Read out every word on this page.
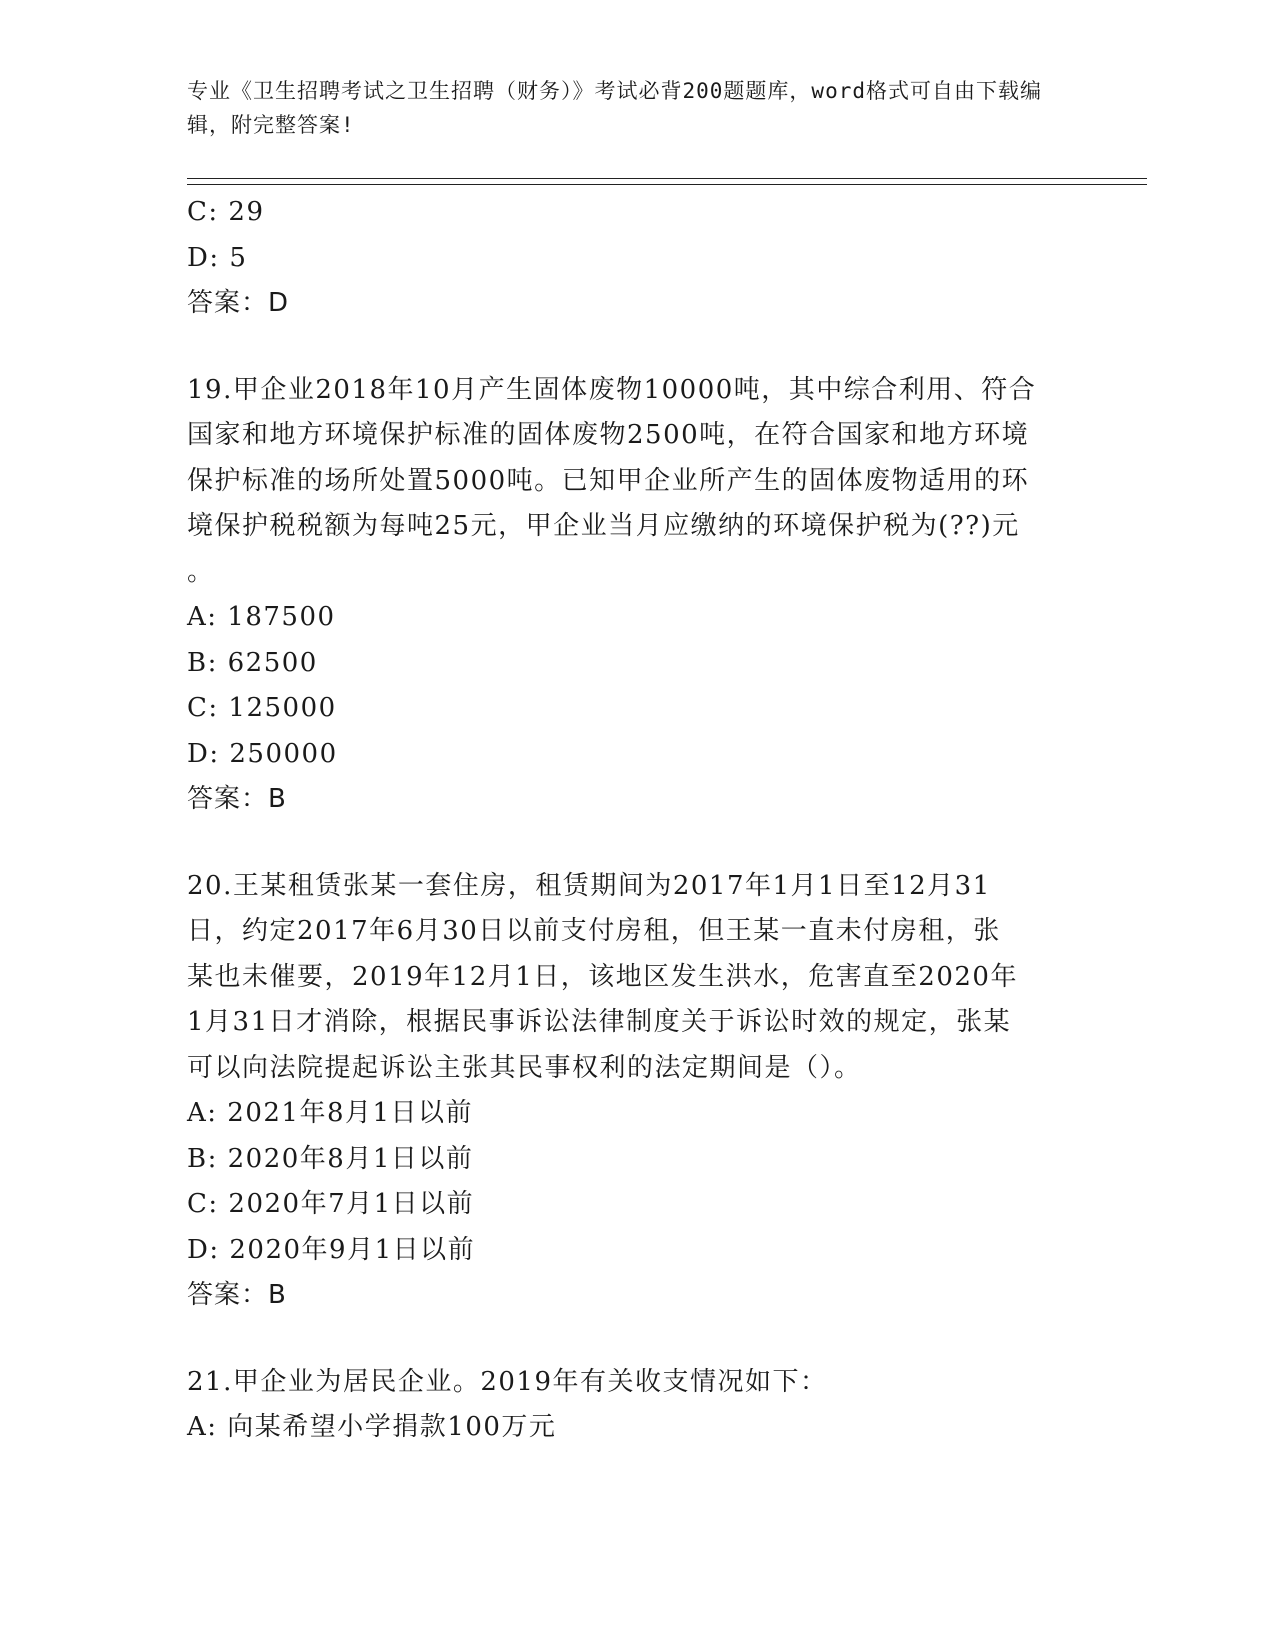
专业《卫生招聘考试之卫生招聘（财务）》考试必背200题题库，word格式可自由下载编辑，附完整答案!
C: 29
D: 5
答案：D
19.甲企业2018年10月产生固体废物10000吨，其中综合利用、符合
国家和地方环境保护标准的固体废物2500吨，在符合国家和地方环境
保护标准的场所处置5000吨。已知甲企业所产生的固体废物适用的环
境保护税税额为每吨25元，甲企业当月应缴纳的环境保护税为(??)元
。
A: 187500
B: 62500
C: 125000
D: 250000
答案：B
20.王某租赁张某一套住房，租赁期间为2017年1月1日至12月31
日，约定2017年6月30日以前支付房租，但王某一直未付房租，张
某也未催要，2019年12月1日，该地区发生洪水，危害直至2020年
1月31日才消除，根据民事诉讼法律制度关于诉讼时效的规定，张某
可以向法院提起诉讼主张其民事权利的法定期间是（）。
A: 2021年8月1日以前
B: 2020年8月1日以前
C: 2020年7月1日以前
D: 2020年9月1日以前
答案：B
21.甲企业为居民企业。2019年有关收支情况如下：
A: 向某希望小学捐款100万元
